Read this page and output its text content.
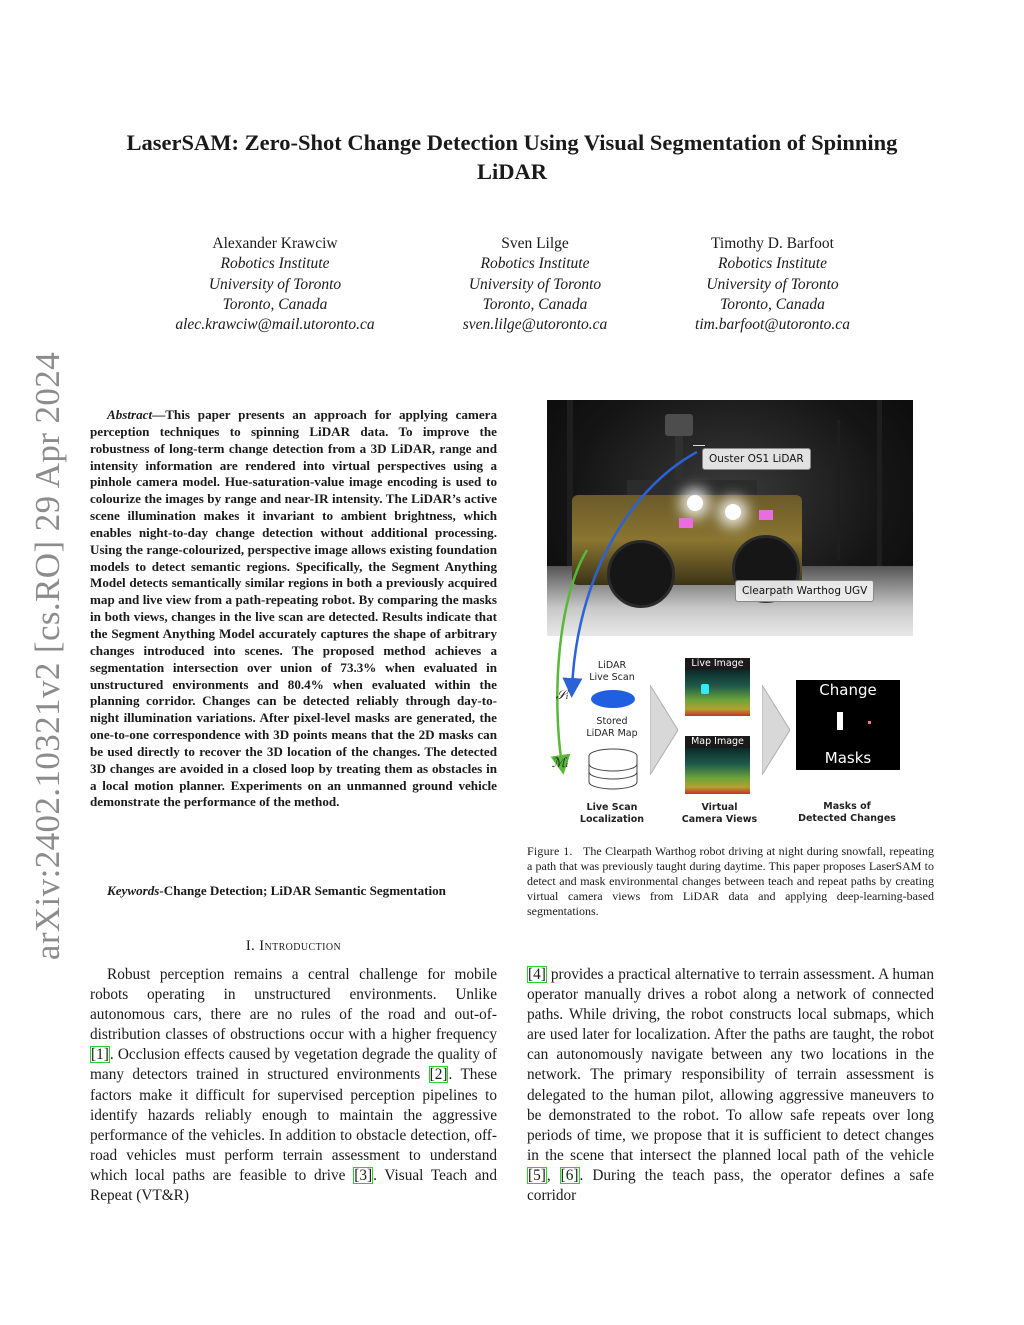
arXiv:2402.10321v2 [cs.RO] 29 Apr 2024
LaserSAM: Zero-Shot Change Detection Using Visual Segmentation of Spinning LiDAR
Alexander Krawciw
Robotics Institute
University of Toronto
Toronto, Canada
alec.krawciw@mail.utoronto.ca
Sven Lilge
Robotics Institute
University of Toronto
Toronto, Canada
sven.lilge@utoronto.ca
Timothy D. Barfoot
Robotics Institute
University of Toronto
Toronto, Canada
tim.barfoot@utoronto.ca
Abstract—This paper presents an approach for applying camera perception techniques to spinning LiDAR data. To improve the robustness of long-term change detection from a 3D LiDAR, range and intensity information are rendered into virtual perspectives using a pinhole camera model. Hue-saturation-value image encoding is used to colourize the images by range and near-IR intensity. The LiDAR’s active scene illumination makes it invariant to ambient brightness, which enables night-to-day change detection without additional processing. Using the range-colourized, perspective image allows existing foundation models to detect semantic regions. Specifically, the Segment Anything Model detects semantically similar regions in both a previously acquired map and live view from a path-repeating robot. By comparing the masks in both views, changes in the live scan are detected. Results indicate that the Segment Anything Model accurately captures the shape of arbitrary changes introduced into scenes. The proposed method achieves a segmentation intersection over union of 73.3% when evaluated in unstructured environments and 80.4% when evaluated within the planning corridor. Changes can be detected reliably through day-to-night illumination variations. After pixel-level masks are generated, the one-to-one correspondence with 3D points means that the 2D masks can be used directly to recover the 3D location of the changes. The detected 3D changes are avoided in a closed loop by treating them as obstacles in a local motion planner. Experiments on an unmanned ground vehicle demonstrate the performance of the method.
Keywords-Change Detection; LiDAR Semantic Segmentation
I. Introduction
Robust perception remains a central challenge for mobile robots operating in unstructured environments. Unlike autonomous cars, there are no rules of the road and out-of-distribution classes of obstructions occur with a higher frequency [1]. Occlusion effects caused by vegetation degrade the quality of many detectors trained in structured environments [2]. These factors make it difficult for supervised perception pipelines to identify hazards reliably enough to maintain the aggressive performance of the vehicles. In addition to obstacle detection, off-road vehicles must perform terrain assessment to understand which local paths are feasible to drive [3]. Visual Teach and Repeat (VT&R)
[4] provides a practical alternative to terrain assessment. A human operator manually drives a robot along a network of connected paths. While driving, the robot constructs local submaps, which are used later for localization. After the paths are taught, the robot can autonomously navigate between any two locations in the network. The primary responsibility of terrain assessment is delegated to the human pilot, allowing aggressive maneuvers to be demonstrated to the robot. To allow safe repeats over long periods of time, we propose that it is sufficient to detect changes in the scene that intersect the planned local path of the vehicle [5], [6]. During the teach pass, the operator defines a safe corridor
Ouster OS1 LiDAR
Clearpath Warthog UGV
LiDAR
Live Scan
𝒮ᵢ
Stored
LiDAR Map
ℳᵢ
Live Image
Map Image
Change
Masks
Live Scan
Localization
Virtual
Camera Views
Masks of
Detected Changes
Figure 1. The Clearpath Warthog robot driving at night during snowfall, repeating a path that was previously taught during daytime. This paper proposes LaserSAM to detect and mask environmental changes between teach and repeat paths by creating virtual camera views from LiDAR data and applying deep-learning-based segmentations.
